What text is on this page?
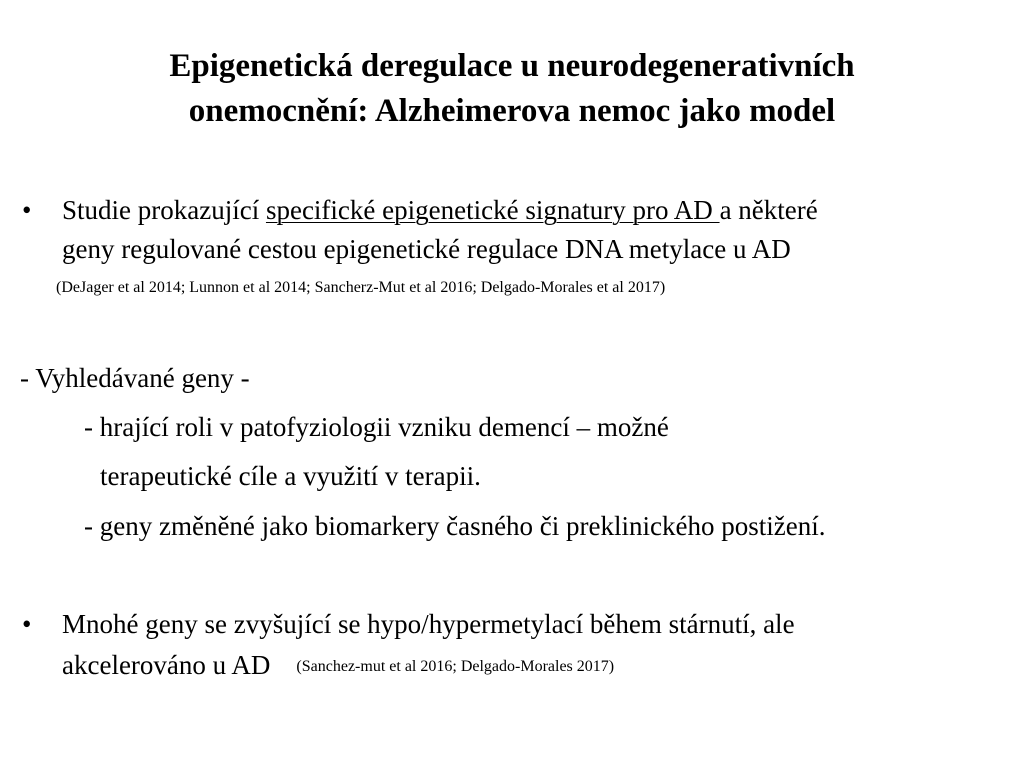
Epigenetická deregulace u neurodegenerativních
onemocnění: Alzheimerova nemoc jako model
• Studie prokazující specifické epigenetické signatury pro AD a některé
geny regulované cestou epigenetické regulace DNA metylace u AD
(DeJager et al 2014; Lunnon et al 2014; Sancherz-Mut et al 2016; Delgado-Morales et al 2017)
- Vyhledávané geny -
- hrající roli v patofyziologii vzniku demencí – možné
terapeutické cíle a využití v terapii.
- geny změněné jako biomarkery časného či preklinického postižení.
• Mnohé geny se zvyšující se hypo/hypermetylací během stárnutí, ale
akcelerováno u AD (Sanchez-mut et al 2016; Delgado-Morales 2017)
